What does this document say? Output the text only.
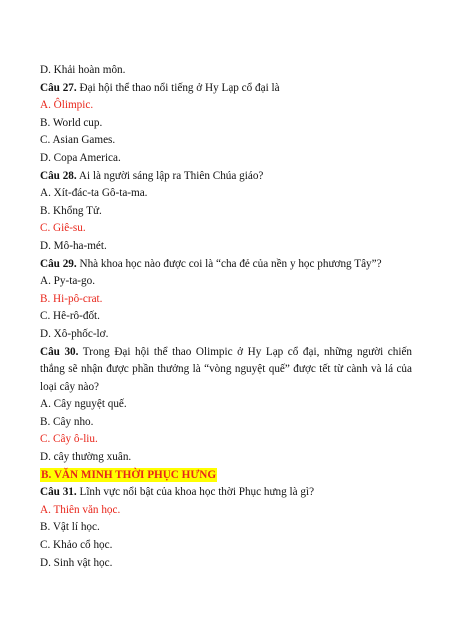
D. Khải hoàn môn.
Câu 27. Đại hội thể thao nổi tiếng ở Hy Lạp cổ đại là
A. Ôlimpic.
B. World cup.
C. Asian Games.
D. Copa America.
Câu 28. Ai là người sáng lập ra Thiên Chúa giáo?
A. Xít-đác-ta Gô-ta-ma.
B. Khổng Tử.
C. Giê-su.
D. Mô-ha-mét.
Câu 29. Nhà khoa học nào được coi là “cha đẻ của nền y học phương Tây”?
A. Py-ta-go.
B. Hi-pô-crat.
C. Hê-rô-đốt.
D. Xô-phốc-lơ.
Câu 30. Trong Đại hội thể thao Olimpic ở Hy Lạp cổ đại, những người chiến thắng sẽ nhận được phần thưởng là “vòng nguyệt quế” được tết từ cành và lá của loại cây nào?
A. Cây nguyệt quế.
B. Cây nho.
C. Cây ô-liu.
D. cây thường xuân.
B. VĂN MINH THỜI PHỤC HƯNG
Câu 31. Lĩnh vực nổi bật của khoa học thời Phục hưng là gì?
A. Thiên văn học.
B. Vật lí học.
C. Khảo cổ học.
D. Sinh vật học.
